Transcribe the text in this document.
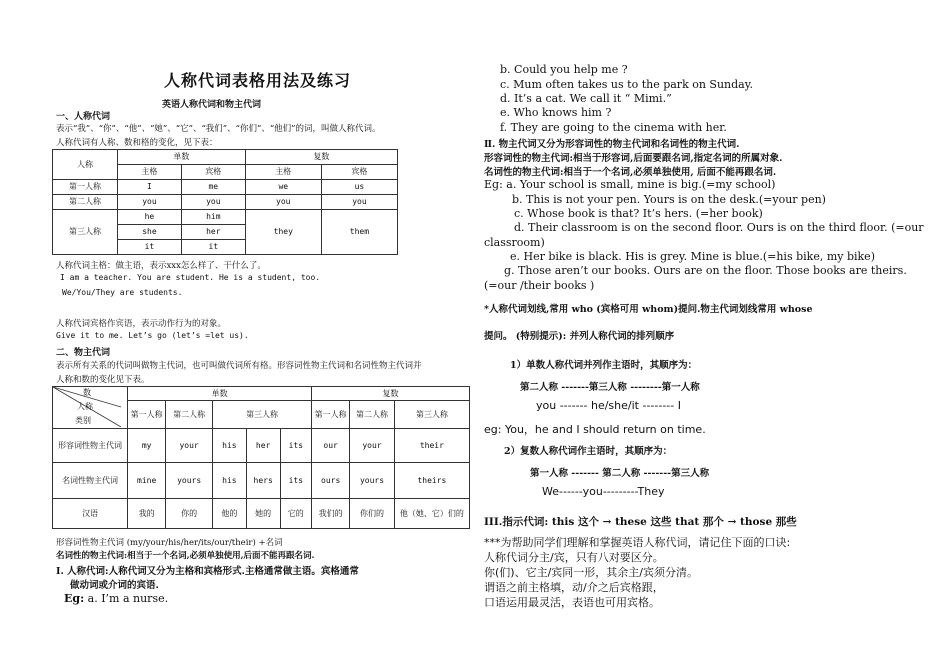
人称代词表格用法及练习
英语人称代词和物主代词
一、人称代词
表示“我”、“你”、“他”、“她”、“它”、“我们”、“你们”、“他们”的词，叫做人称代词。
人称代词有人称、数和格的变化，见下表：
人称	单数		复数	
	主格	宾格	主格	宾格
第一人称	I	me	we	us
第二人称	you	you	you	you
第三人称	he	him	they	them
	she	her		
	it	it		
人称代词主格：做主语，表示xxx怎么样了、干什么了。
I am a teacher. You are student. He is a student, too.
We/You/They are students.
人称代词宾格作宾语，表示动作行为的对象。
Give it to me. Let’s go (let’s =let us).
二、物主代词
表示所有关系的代词叫做物主代词，也可叫做代词所有格。形容词性物主代词和名词性物主代词并
人称和数的变化见下表。
数
人称
类别	单数					复数		
	第一人称	第二人称	第三人称			第一人称	第二人称	第三人称
形容词性物主代词	my	your	his	her	its	our	your	their
名词性物主代词	mine	yours	his	hers	its	ours	yours	theirs
汉语	我的	你的	他的	她的	它的	我们的	你们的	他（她、它）们的
形容词性物主代词 (my/your/his/her/its/our/their) +名词
名词性的物主代词:相当于一个名词,必须单独使用,后面不能再跟名词.
Ⅰ. 人称代词:人称代词又分为主格和宾格形式.主格通常做主语。宾格通常
做动词或介词的宾语.
Eg: a. I’m a nurse.
b. Could you help me ?
c. Mum often takes us to the park on Sunday.
d. It’s a cat. We call it “ Mimi.”
e. Who knows him ?
f. They are going to the cinema with her.
Ⅱ. 物主代词又分为形容词性的物主代词和名词性的物主代词.
形容词性的物主代词:相当于形容词,后面要跟名词,指定名词的所属对象.
名词性的物主代词:相当于一个名词,必须单独使用, 后面不能再跟名词.
Eg: a. Your school is small, mine is big.(=my school)
b. This is not your pen. Yours is on the desk.(=your pen)
c. Whose book is that? It’s hers. (=her book)
d. Their classroom is on the second floor. Ours is on the third floor. (=our
classroom)
e. Her bike is black. His is grey. Mine is blue.(=his bike, my bike)
g. Those aren’t our books. Ours are on the floor. Those books are theirs.
(=our /their books )
*人称代词划线,常用 who (宾格可用 whom)提问.物主代词划线常用 whose
提问。 (特别提示): 并列人称代词的排列顺序
1）单数人称代词并列作主语时，其顺序为：
第二人称 -------第三人称 --------第一人称
you ------- he/she/it -------- I
eg: You，he and I should return on time.
2）复数人称代词作主语时，其顺序为：
第一人称 ------- 第二人称 -------第三人称
We------you---------They
III.指示代词: this 这个 → these 这些 that 那个 → those 那些
***为帮助同学们理解和掌握英语人称代词，请记住下面的口诀:
人称代词分主/宾，只有八对要区分。
你(们)、它主/宾同一形，其余主/宾须分清。
谓语之前主格填，动/介之后宾格跟，
口语运用最灵活，表语也可用宾格。
